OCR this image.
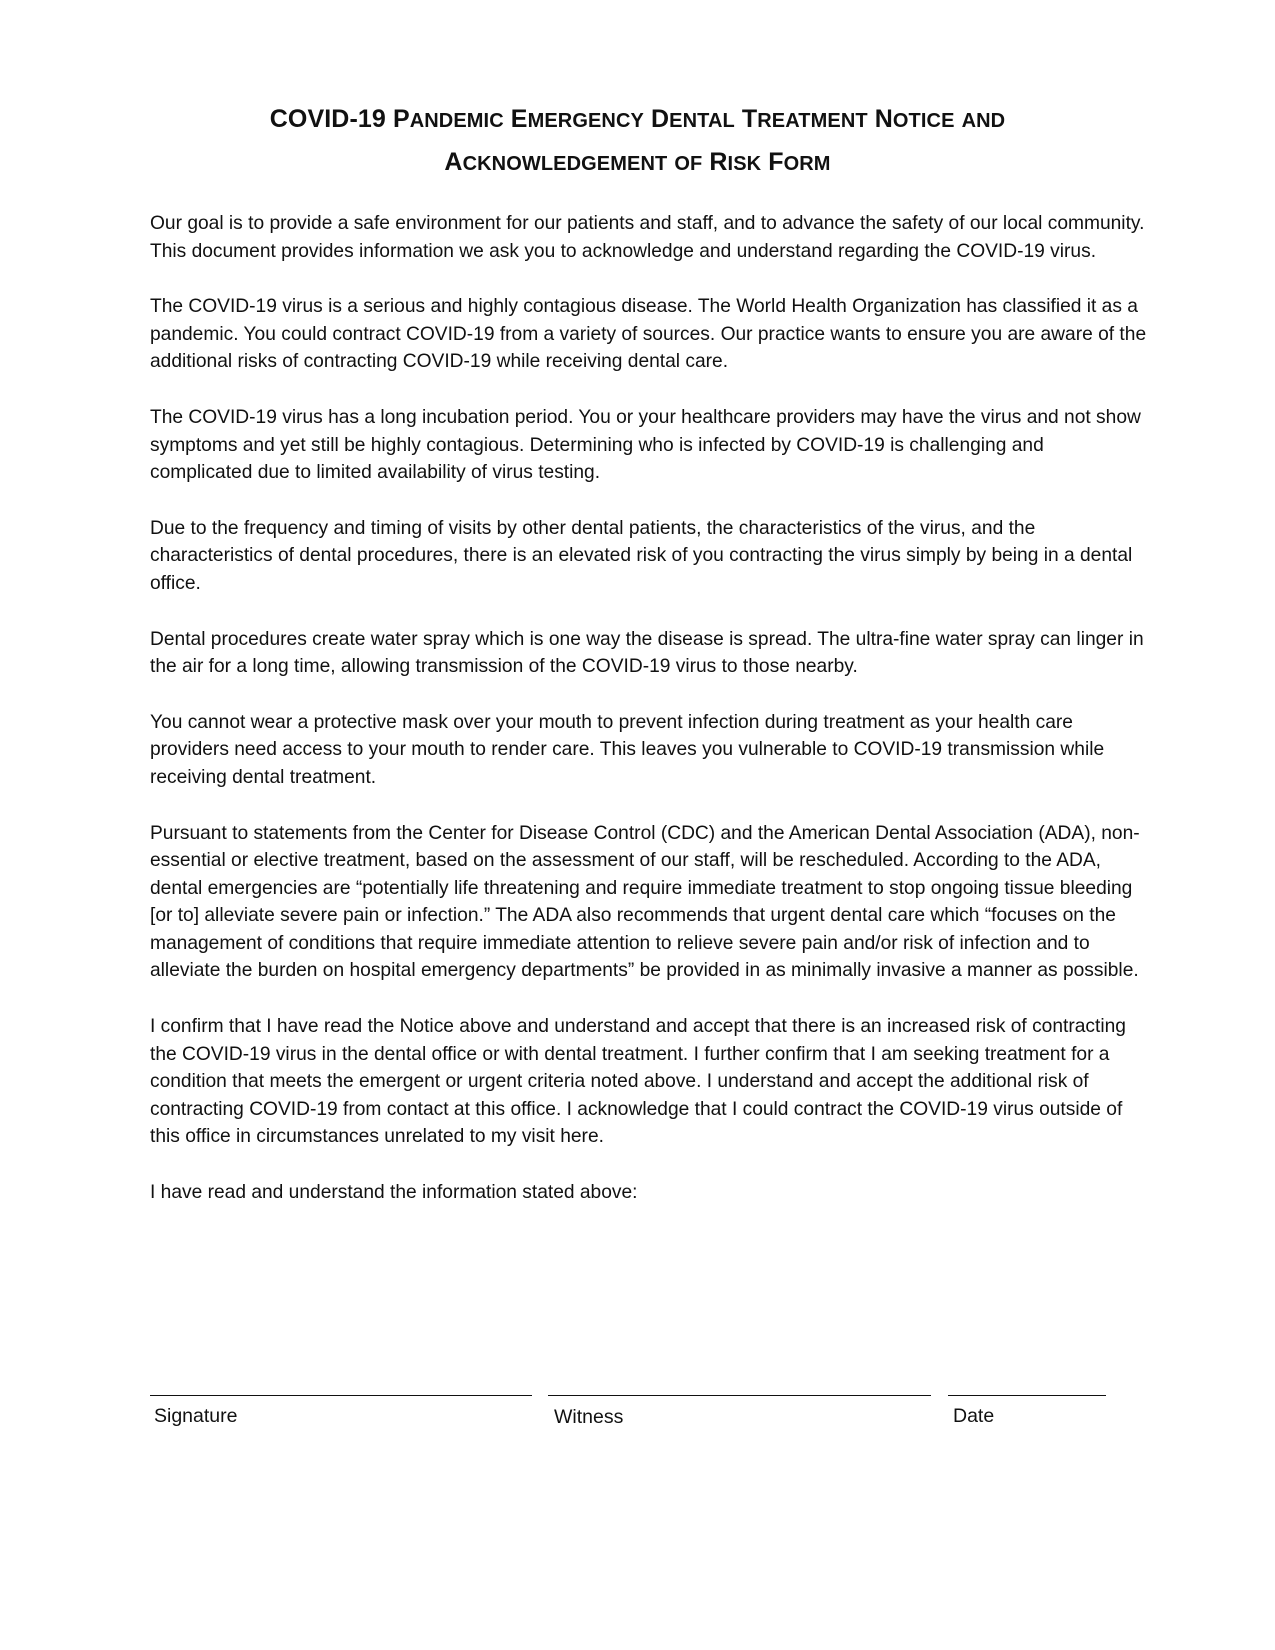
COVID-19 PANDEMIC EMERGENCY DENTAL TREATMENT NOTICE AND
ACKNOWLEDGEMENT OF RISK FORM

Our goal is to provide a safe environment for our patients and staff, and to advance the safety of our local community. This document provides information we ask you to acknowledge and understand regarding the COVID-19 virus.

The COVID-19 virus is a serious and highly contagious disease. The World Health Organization has classified it as a pandemic. You could contract COVID-19 from a variety of sources. Our practice wants to ensure you are aware of the additional risks of contracting COVID-19 while receiving dental care.

The COVID-19 virus has a long incubation period. You or your healthcare providers may have the virus and not show symptoms and yet still be highly contagious. Determining who is infected by COVID-19 is challenging and complicated due to limited availability of virus testing.

Due to the frequency and timing of visits by other dental patients, the characteristics of the virus, and the characteristics of dental procedures, there is an elevated risk of you contracting the virus simply by being in a dental office.

Dental procedures create water spray which is one way the disease is spread. The ultra-fine water spray can linger in the air for a long time, allowing transmission of the COVID-19 virus to those nearby.

You cannot wear a protective mask over your mouth to prevent infection during treatment as your health care providers need access to your mouth to render care. This leaves you vulnerable to COVID-19 transmission while receiving dental treatment.

Pursuant to statements from the Center for Disease Control (CDC) and the American Dental Association (ADA), non-essential or elective treatment, based on the assessment of our staff, will be rescheduled. According to the ADA, dental emergencies are “potentially life threatening and require immediate treatment to stop ongoing tissue bleeding [or to] alleviate severe pain or infection.” The ADA also recommends that urgent dental care which “focuses on the management of conditions that require immediate attention to relieve severe pain and/or risk of infection and to alleviate the burden on hospital emergency departments” be provided in as minimally invasive a manner as possible.

I confirm that I have read the Notice above and understand and accept that there is an increased risk of contracting the COVID-19 virus in the dental office or with dental treatment. I further confirm that I am seeking treatment for a condition that meets the emergent or urgent criteria noted above. I understand and accept the additional risk of contracting COVID-19 from contact at this office. I acknowledge that I could contract the COVID-19 virus outside of this office in circumstances unrelated to my visit here.

I have read and understand the information stated above:

Signature	Witness	Date
